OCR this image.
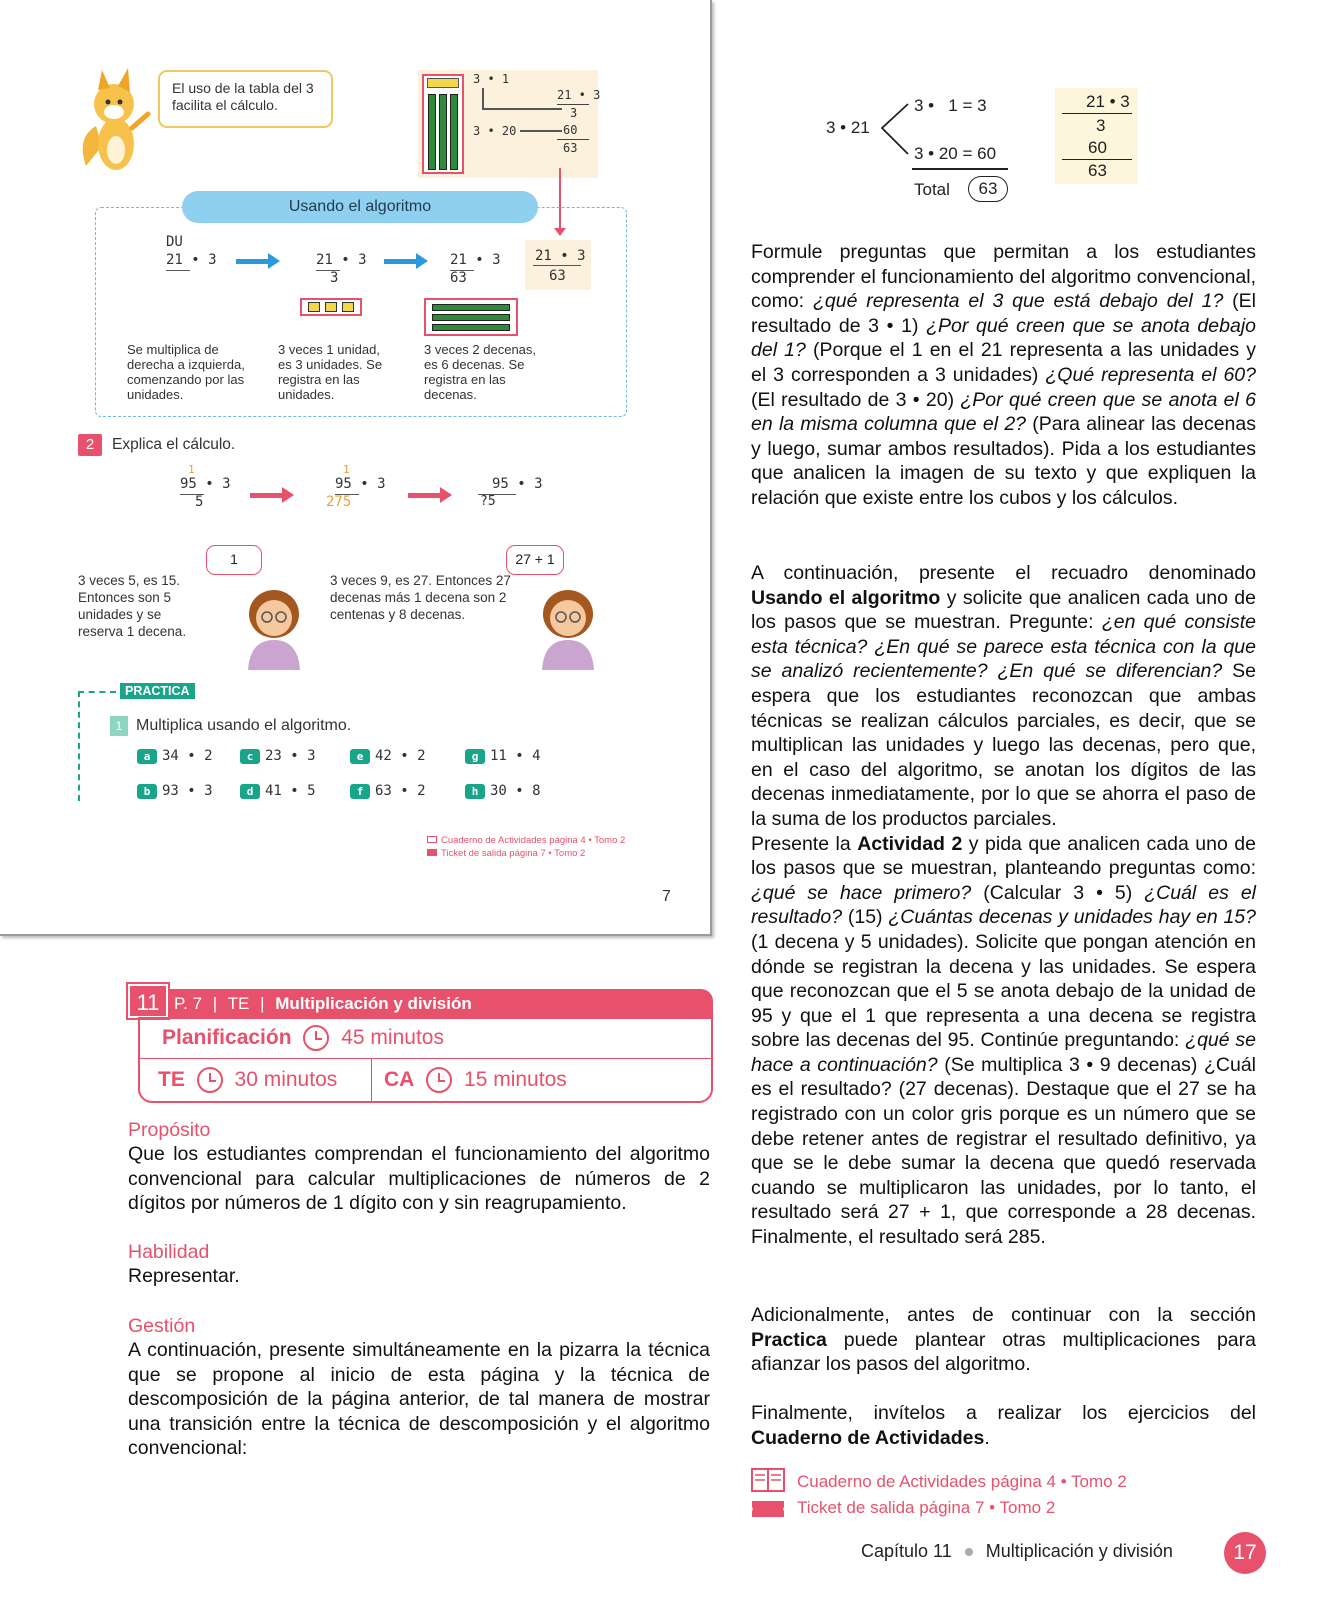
El uso de la tabla del 3 facilita el cálculo.
3 • 1
3 • 20
21 • 3
3
60
63
Usando el algoritmo
DU
21 • 3	21 • 3
3
21 • 3
63
21 • 3
63
Se multiplica de derecha a izquierda, comenzando por las unidades.
3 veces 1 unidad, es 3 unidades. Se registra en las unidades.
3 veces 2 decenas, es 6 decenas. Se registra en las decenas.
2	Explica el cálculo.
1
95 • 3
5
1
95 • 3
275
95 • 3
?5
1
3 veces 5, es 15. Entonces son 5 unidades y se reserva 1 decena.
27 + 1
3 veces 9, es 27. Entonces 27 decenas más 1 decena son 2 centenas y 8 decenas.
PRACTICA
1 Multiplica usando el algoritmo.
Cuaderno de Actividades página 4 • Tomo 2
Ticket de salida página 7 • Tomo 2
7
a 34 • 2	c 23 • 3	e 42 • 2	g 11 • 4
b 93 • 3	d 41 • 5	f 63 • 2	h 30 • 8
11 P. 7 | TE | Multiplicación y división
Planificación 45 minutos
TE 30 minutos	CA 15 minutos
Propósito
Que los estudiantes comprendan el funcionamiento del algoritmo convencional para calcular multiplicaciones de números de 2 dígitos por números de 1 dígito con y sin reagrupamiento.
Habilidad
Representar.
Gestión
A continuación, presente simultáneamente en la pizarra la técnica que se propone al inicio de esta página y la técnica de descomposición de la página anterior, de tal manera de mostrar una transición entre la técnica de descomposición y el algoritmo convencional:
3 • 21
3 •   1 = 3
3 • 20 = 60
Total	63
21 • 3
3
60
63
Formule preguntas que permitan a los estudiantes comprender el funcionamiento del algoritmo convencional, como: ¿qué representa el 3 que está debajo del 1? (El resultado de 3 • 1) ¿Por qué creen que se anota debajo del 1? (Porque el 1 en el 21 representa a las unidades y el 3 corresponden a 3 unidades) ¿Qué representa el 60? (El resultado de 3 • 20) ¿Por qué creen que se anota el 6 en la misma columna que el 2? (Para alinear las decenas y luego, sumar ambos resultados). Pida a los estudiantes que analicen la imagen de su texto y que expliquen la relación que existe entre los cubos y los cálculos.
A continuación, presente el recuadro denominado Usando el algoritmo y solicite que analicen cada uno de los pasos que se muestran. Pregunte: ¿en qué consiste esta técnica? ¿En qué se parece esta técnica con la que se analizó recientemente? ¿En qué se diferencian? Se espera que los estudiantes reconozcan que ambas técnicas se realizan cálculos parciales, es decir, que se multiplican las unidades y luego las decenas, pero que, en el caso del algoritmo, se anotan los dígitos de las decenas inmediatamente, por lo que se ahorra el paso de la suma de los productos parciales.
Presente la Actividad 2 y pida que analicen cada uno de los pasos que se muestran, planteando preguntas como: ¿qué se hace primero? (Calcular 3 • 5) ¿Cuál es el resultado? (15) ¿Cuántas decenas y unidades hay en 15? (1 decena y 5 unidades). Solicite que pongan atención en dónde se registran la decena y las unidades. Se espera que reconozcan que el 5 se anota debajo de la unidad de 95 y que el 1 que representa a una decena se registra sobre las decenas del 95. Continúe preguntando: ¿qué se hace a continuación? (Se multiplica 3 • 9 decenas) ¿Cuál es el resultado? (27 decenas). Destaque que el 27 se ha registrado con un color gris porque es un número que se debe retener antes de registrar el resultado definitivo, ya que se le debe sumar la decena que quedó reservada cuando se multiplicaron las unidades, por lo tanto, el resultado será 27 + 1, que corresponde a 28 decenas. Finalmente, el resultado será 285.
Adicionalmente, antes de continuar con la sección Practica puede plantear otras multiplicaciones para afianzar los pasos del algoritmo.
Finalmente, invítelos a realizar los ejercicios del Cuaderno de Actividades.
Cuaderno de Actividades página 4 • Tomo 2
Ticket de salida página 7 • Tomo 2
Capítulo 11 Multiplicación y división	17
